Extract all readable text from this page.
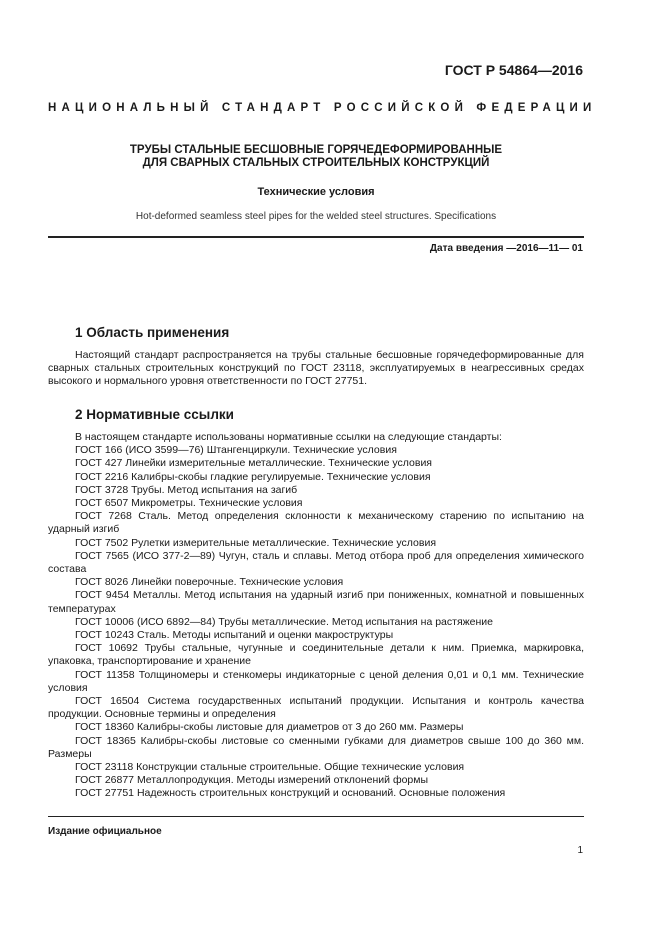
ГОСТ Р 54864—2016
НАЦИОНАЛЬНЫЙ СТАНДАРТ РОССИЙСКОЙ ФЕДЕРАЦИИ
ТРУБЫ СТАЛЬНЫЕ БЕСШОВНЫЕ ГОРЯЧЕДЕФОРМИРОВАННЫЕ
ДЛЯ СВАРНЫХ СТАЛЬНЫХ СТРОИТЕЛЬНЫХ КОНСТРУКЦИЙ
Технические условия
Hot-deformed seamless steel pipes for the welded steel structures. Specifications
Дата введения —2016—11— 01
1 Область применения

Настоящий стандарт распространяется на трубы стальные бесшовные горячедеформированные для сварных стальных строительных конструкций по ГОСТ 23118, эксплуатируемых в неагрессивных средах высокого и нормального уровня ответственности по ГОСТ 27751.

2 Нормативные ссылки

В настоящем стандарте использованы нормативные ссылки на следующие стандарты:

ГОСТ 166 (ИСО 3599—76) Штангенциркули. Технические условия

ГОСТ 427 Линейки измерительные металлические. Технические условия

ГОСТ 2216 Калибры-скобы гладкие регулируемые. Технические условия

ГОСТ 3728 Трубы. Метод испытания на загиб

ГОСТ 6507 Микрометры. Технические условия

ГОСТ 7268 Сталь. Метод определения склонности к механическому старению по испытанию на ударный изгиб

ГОСТ 7502 Рулетки измерительные металлические. Технические условия

ГОСТ 7565 (ИСО 377-2—89) Чугун, сталь и сплавы. Метод отбора проб для определения химического состава

ГОСТ 8026 Линейки поверочные. Технические условия

ГОСТ 9454 Металлы. Метод испытания на ударный изгиб при пониженных, комнатной и повышенных температурах

ГОСТ 10006 (ИСО 6892—84) Трубы металлические. Метод испытания на растяжение

ГОСТ 10243 Сталь. Методы испытаний и оценки макроструктуры

ГОСТ 10692 Трубы стальные, чугунные и соединительные детали к ним. Приемка, маркировка, упаковка, транспортирование и хранение

ГОСТ 11358 Толщиномеры и стенкомеры индикаторные с ценой деления 0,01 и 0,1 мм. Технические условия

ГОСТ 16504 Система государственных испытаний продукции. Испытания и контроль качества продукции. Основные термины и определения

ГОСТ 18360 Калибры-скобы листовые для диаметров от 3 до 260 мм. Размеры

ГОСТ 18365 Калибры-скобы листовые со сменными губками для диаметров свыше 100 до 360 мм. Размеры

ГОСТ 23118 Конструкции стальные строительные. Общие технические условия

ГОСТ 26877 Металлопродукция. Методы измерений отклонений формы

ГОСТ 27751 Надежность строительных конструкций и оснований. Основные положения

Издание официальное
1
